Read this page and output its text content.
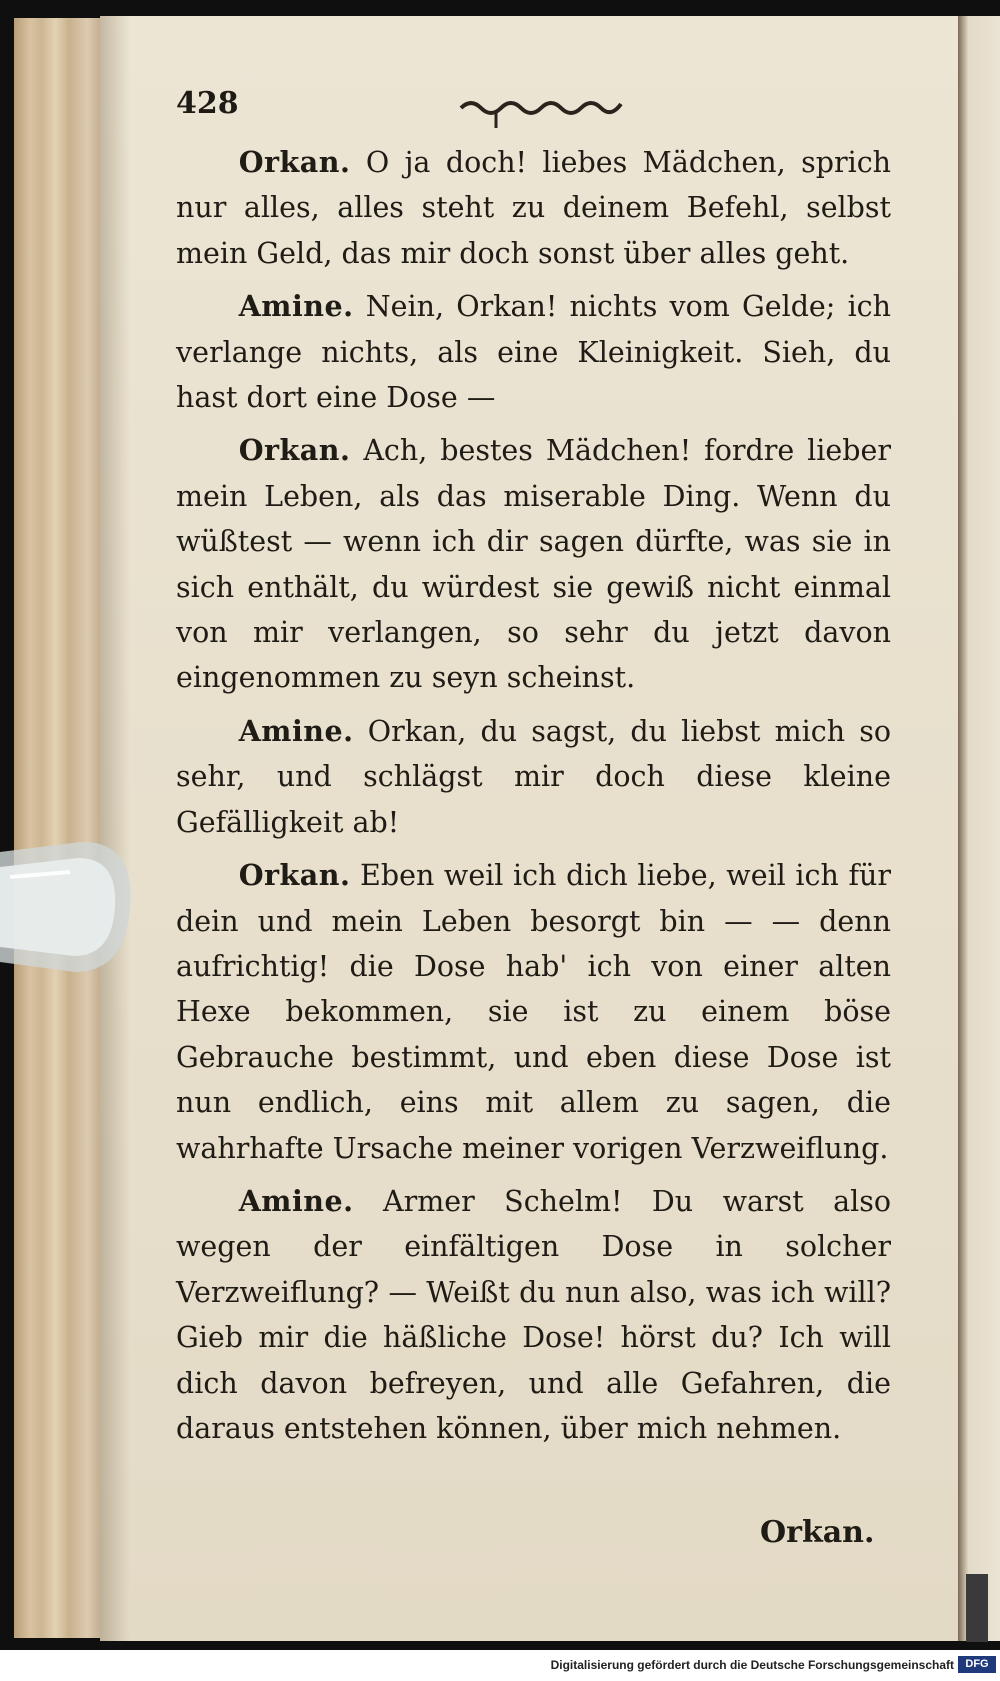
428

Orkan. O ja doch! liebes Mädchen, sprich nur alles, alles steht zu deinem Befehl, selbst mein Geld, das mir doch sonst über alles geht.

Amine. Nein, Orkan! nichts vom Gelde; ich verlange nichts, als eine Kleinigkeit. Sieh, du hast dort eine Dose —

Orkan. Ach, bestes Mädchen! fordre lieber mein Leben, als das miserable Ding. Wenn du wüßtest — wenn ich dir sagen dürfte, was sie in sich enthält, du würdest sie gewiß nicht einmal von mir verlangen, so sehr du jetzt davon eingenommen zu seyn scheinst.

Amine. Orkan, du sagst, du liebst mich so sehr, und schlägst mir doch diese kleine Gefälligkeit ab!

Orkan. Eben weil ich dich liebe, weil ich für dein und mein Leben besorgt bin — — denn aufrichtig! die Dose hab' ich von einer alten Hexe bekommen, sie ist zu einem böse Gebrauche bestimmt, und eben diese Dose ist nun endlich, eins mit allem zu sagen, die wahrhafte Ursache meiner vorigen Verzweiflung.

Amine. Armer Schelm! Du warst also wegen der einfältigen Dose in solcher Verzweiflung? — Weißt du nun also, was ich will? Gieb mir die häßliche Dose! hörst du? Ich will dich davon befreyen, und alle Gefahren, die daraus entstehen können, über mich nehmen.

Orkan.
Digitalisierung gefördert durch die Deutsche Forschungsgemeinschaft	DFG
